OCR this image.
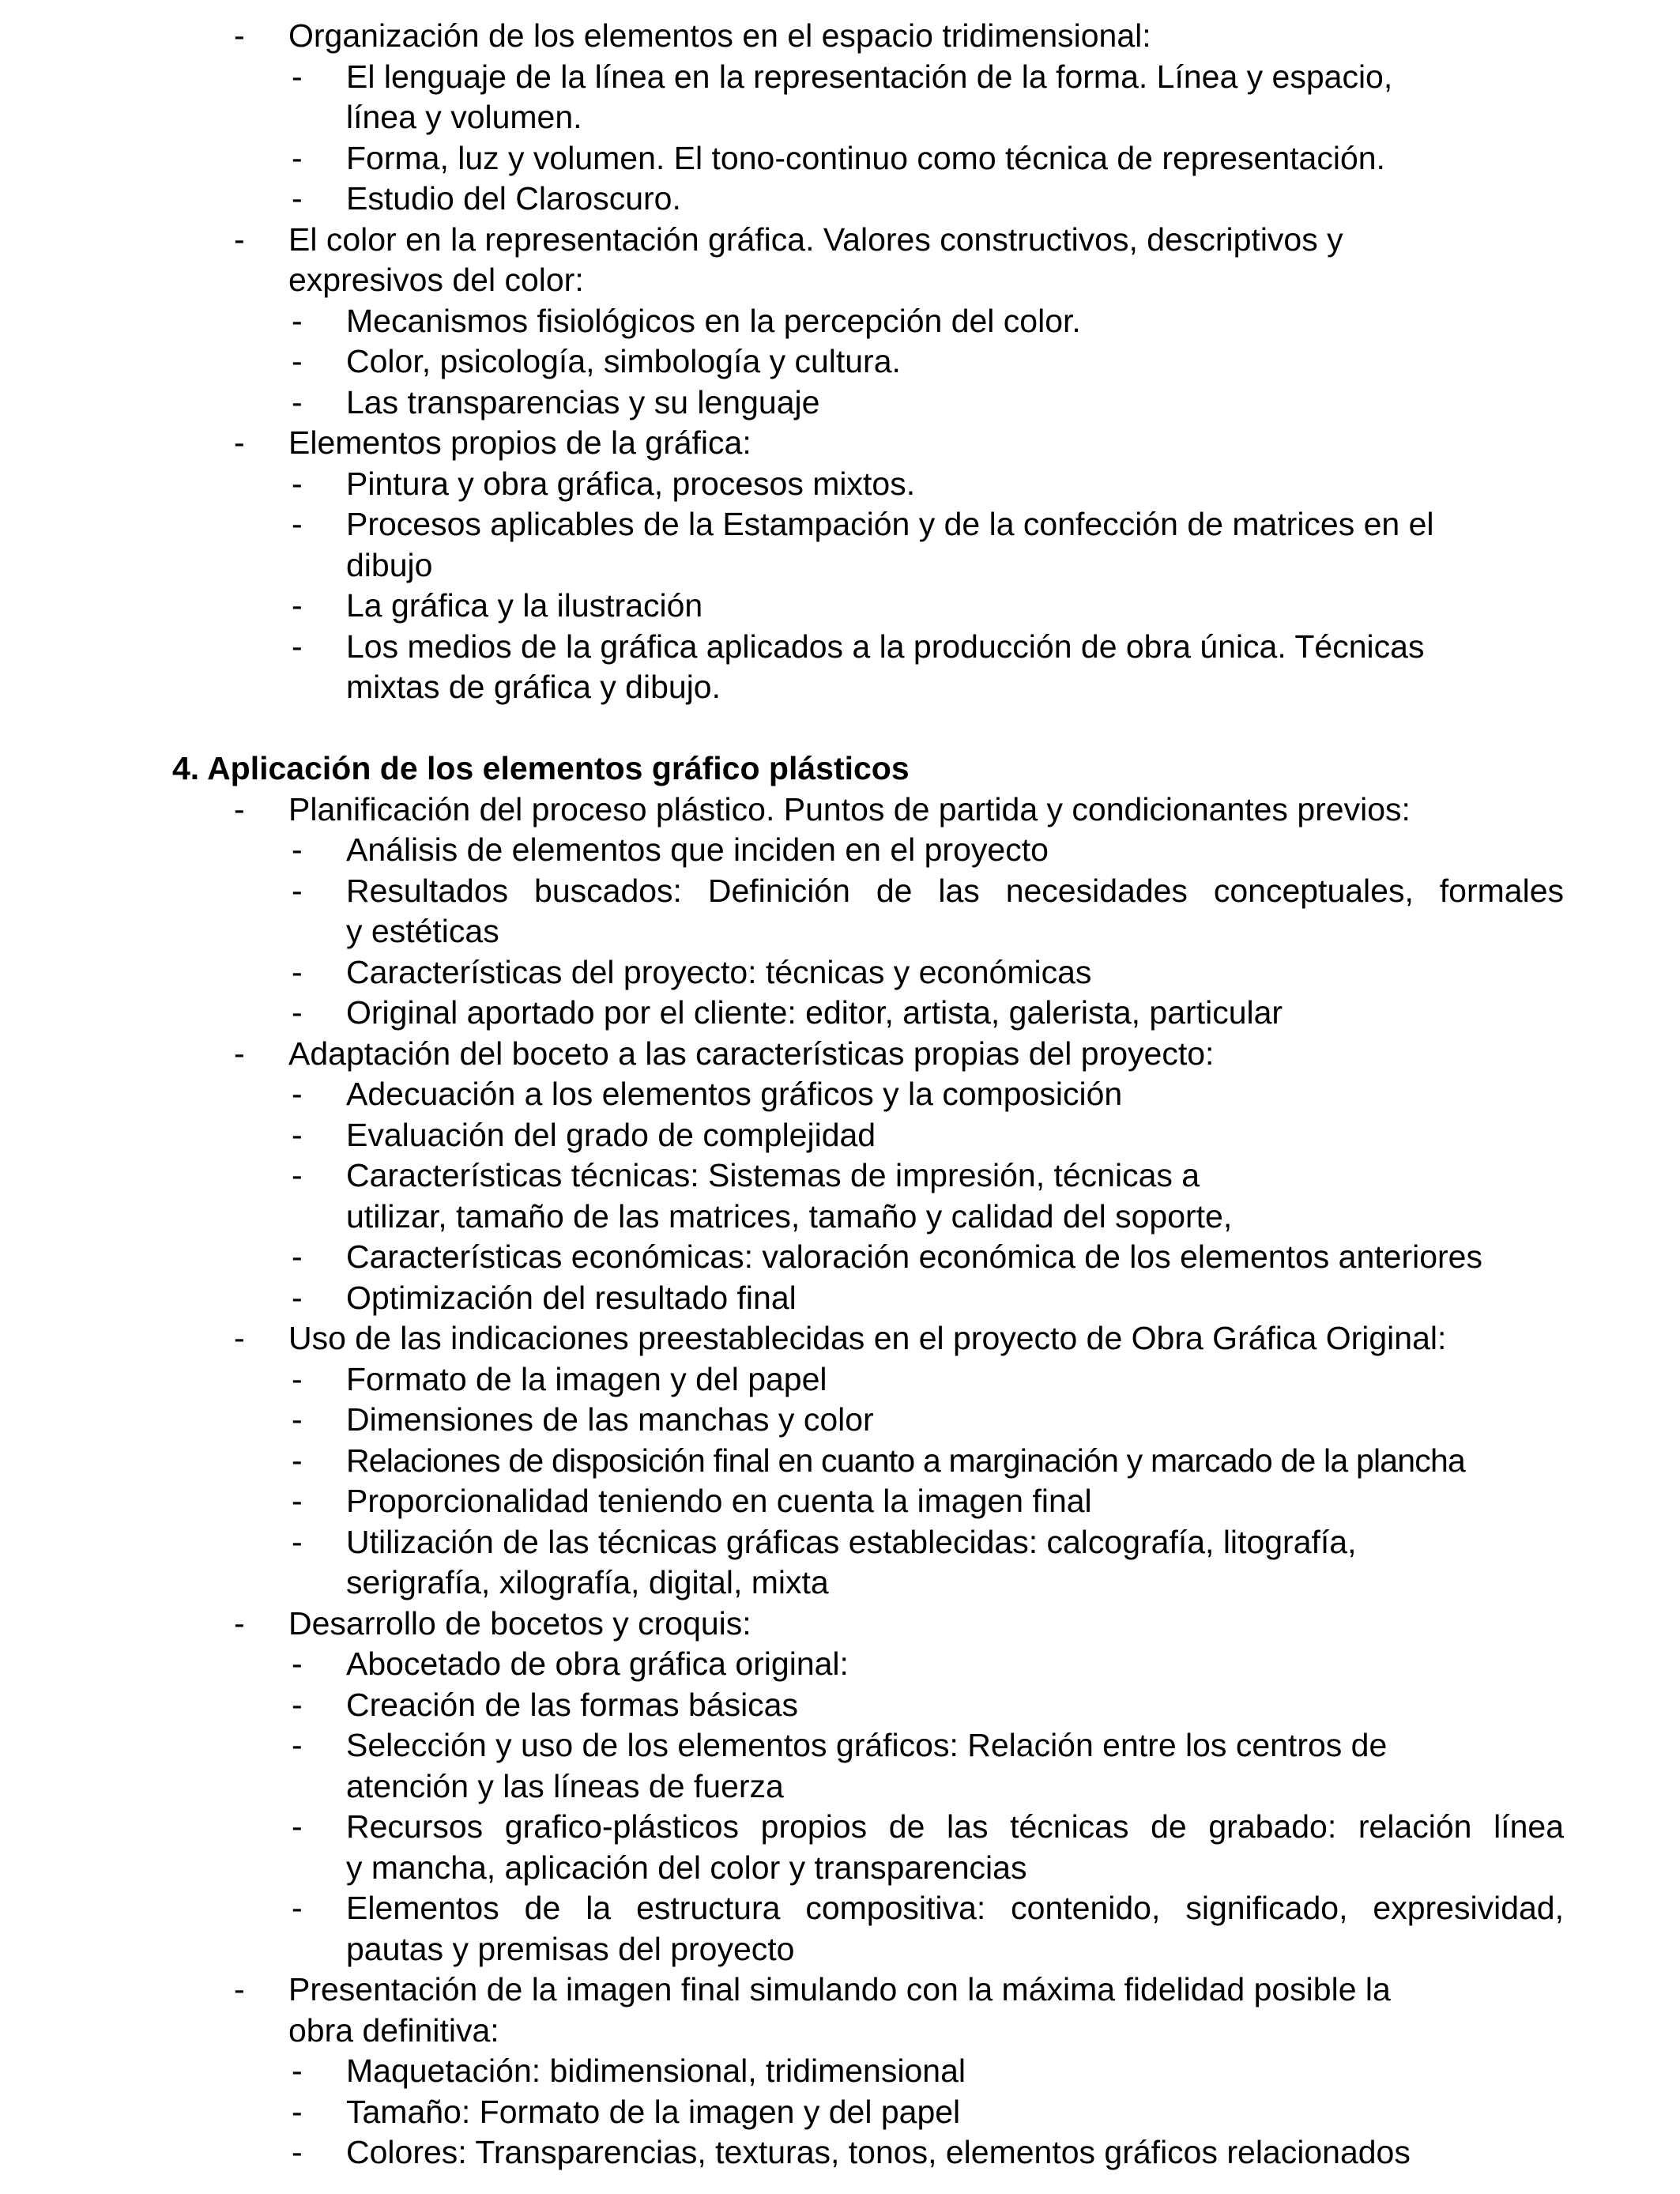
- Organización de los elementos en el espacio tridimensional:
- El lenguaje de la línea en la representación de la forma. Línea y espacio,
línea y volumen.
- Forma, luz y volumen. El tono-continuo como técnica de representación.
- Estudio del Claroscuro.
- El color en la representación gráfica. Valores constructivos, descriptivos y
expresivos del color:
- Mecanismos fisiológicos en la percepción del color.
- Color, psicología, simbología y cultura.
- Las transparencias y su lenguaje
- Elementos propios de la gráfica:
- Pintura y obra gráfica, procesos mixtos.
- Procesos aplicables de la Estampación y de la confección de matrices en el
dibujo
- La gráfica y la ilustración
- Los medios de la gráfica aplicados a la producción de obra única. Técnicas
mixtas de gráfica y dibujo.
4. Aplicación de los elementos gráfico plásticos
- Planificación del proceso plástico. Puntos de partida y condicionantes previos:
- Análisis de elementos que inciden en el proyecto
- Resultados buscados: Definición de las necesidades conceptuales, formales
y estéticas
- Características del proyecto: técnicas y económicas
- Original aportado por el cliente: editor, artista, galerista, particular
- Adaptación del boceto a las características propias del proyecto:
- Adecuación a los elementos gráficos y la composición
- Evaluación del grado de complejidad
- Características técnicas: Sistemas de impresión, técnicas a
utilizar, tamaño de las matrices, tamaño y calidad del soporte,
- Características económicas: valoración económica de los elementos anteriores
- Optimización del resultado final
- Uso de las indicaciones preestablecidas en el proyecto de Obra Gráfica Original:
- Formato de la imagen y del papel
- Dimensiones de las manchas y color
- Relaciones de disposición final en cuanto a marginación y marcado de la plancha
- Proporcionalidad teniendo en cuenta la imagen final
- Utilización de las técnicas gráficas establecidas: calcografía, litografía,
serigrafía, xilografía, digital, mixta
- Desarrollo de bocetos y croquis:
- Abocetado de obra gráfica original:
- Creación de las formas básicas
- Selección y uso de los elementos gráficos: Relación entre los centros de
atención y las líneas de fuerza
- Recursos grafico-plásticos propios de las técnicas de grabado: relación línea
y mancha, aplicación del color y transparencias
- Elementos de la estructura compositiva: contenido, significado, expresividad,
pautas y premisas del proyecto
- Presentación de la imagen final simulando con la máxima fidelidad posible la
obra definitiva:
- Maquetación: bidimensional, tridimensional
- Tamaño: Formato de la imagen y del papel
- Colores: Transparencias, texturas, tonos, elementos gráficos relacionados
